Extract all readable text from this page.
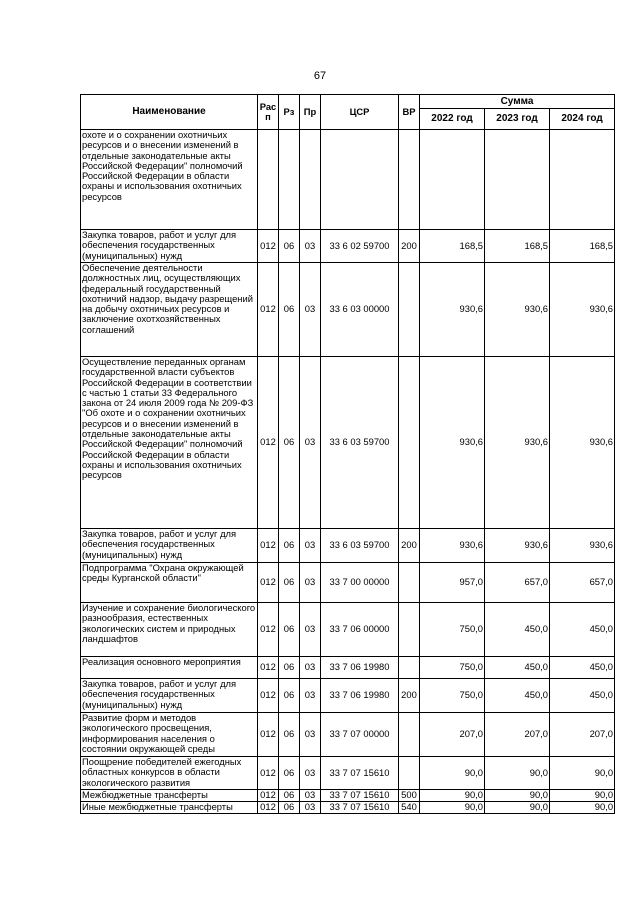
67
Наименование	Рас п	Рз	Пр	ЦСР	ВР	Сумма		
						2022 год	2023 год	2024 год
охоте и о сохранении охотничьих ресурсов и о внесении изменений в отдельные законодательные акты Российской Федерации" полномочий Российской Федерации в области охраны и использования охотничьих ресурсов								
Закупка товаров, работ и услуг для обеспечения государственных (муниципальных) нужд	012	06	03	33 6 02 59700	200	168,5	168,5	168,5
Обеспечение деятельности должностных лиц, осуществляющих федеральный государственный охотничий надзор, выдачу разрещений на добычу охотничьих ресурсов и заключение охотхозяйственных соглашений	012	06	03	33 6 03 00000		930,6	930,6	930,6
Осуществление переданных органам государственной власти субъектов Российской Федерации в соответствии с частью 1 статьи 33 Федерального закона от 24 июля 2009 года № 209-ФЗ "Об охоте и о сохранении охотничьих ресурсов и о внесении изменений в отдельные законодательные акты Российской Федерации" полномочий Российской Федерации в области охраны и использования охотничьих ресурсов	012	06	03	33 6 03 59700		930,6	930,6	930,6
Закупка товаров, работ и услуг для обеспечения государственных (муниципальных) нужд	012	06	03	33 6 03 59700	200	930,6	930,6	930,6
Подпрограмма "Охрана окружающей среды Курганской области"	012	06	03	33 7 00 00000		957,0	657,0	657,0
Изучение и сохранение биологического разнообразия, естественных экологических систем и природных ландшафтов	012	06	03	33 7 06 00000		750,0	450,0	450,0
Реализация основного мероприятия	012	06	03	33 7 06 19980		750,0	450,0	450,0
Закупка товаров, работ и услуг для обеспечения государственных (муниципальных) нужд	012	06	03	33 7 06 19980	200	750,0	450,0	450,0
Развитие форм и методов экологического просвещения, информирования населения о состоянии окружающей среды	012	06	03	33 7 07 00000		207,0	207,0	207,0
Поощрение победителей ежегодных областных конкурсов в области экологического развития	012	06	03	33 7 07 15610		90,0	90,0	90,0
Межбюджетные трансферты	012	06	03	33 7 07 15610	500	90,0	90,0	90,0
Иные межбюджетные трансферты	012	06	03	33 7 07 15610	540	90,0	90,0	90,0
